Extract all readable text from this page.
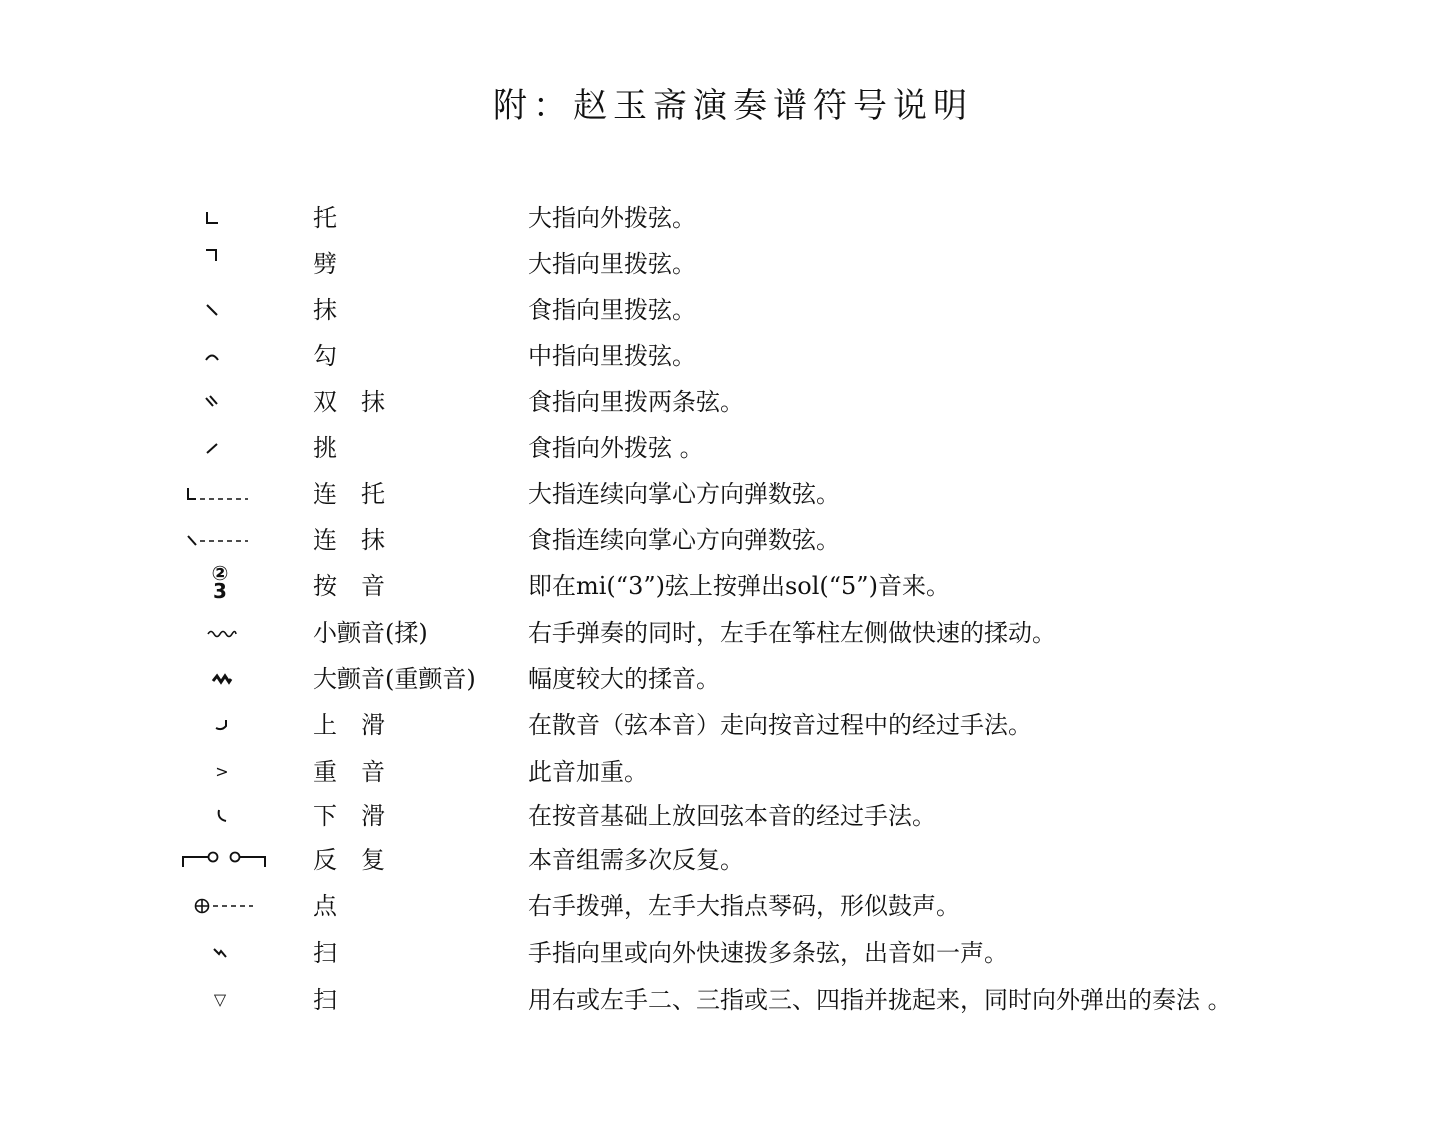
附：赵玉斋演奏谱符号说明
托	大指向外拨弦。
劈	大指向里拨弦。
抹	食指向里拨弦。
勾	中指向里拨弦。
双　抹	食指向里拨两条弦。
挑	食指向外拨弦 。
连　托	大指连续向掌心方向弹数弦。
连　抹	食指连续向掌心方向弹数弦。
②
3	按　音	即在mi(“3”)弦上按弹出sol(“5”)音来。
小颤音(揉)	右手弹奏的同时，左手在筝柱左侧做快速的揉动。
大颤音(重颤音) 幅度较大的揉音。
上　滑	在散音（弦本音）走向按音过程中的经过手法。
>	重　音	此音加重。
下　滑	在按音基础上放回弦本音的经过手法。
反　复	本音组需多次反复。
点	右手拨弹，左手大指点琴码，形似鼓声。
扫	手指向里或向外快速拨多条弦，出音如一声。
▽	扫	用右或左手二、三指或三、四指并拢起来，同时向外弹出的奏法 。
